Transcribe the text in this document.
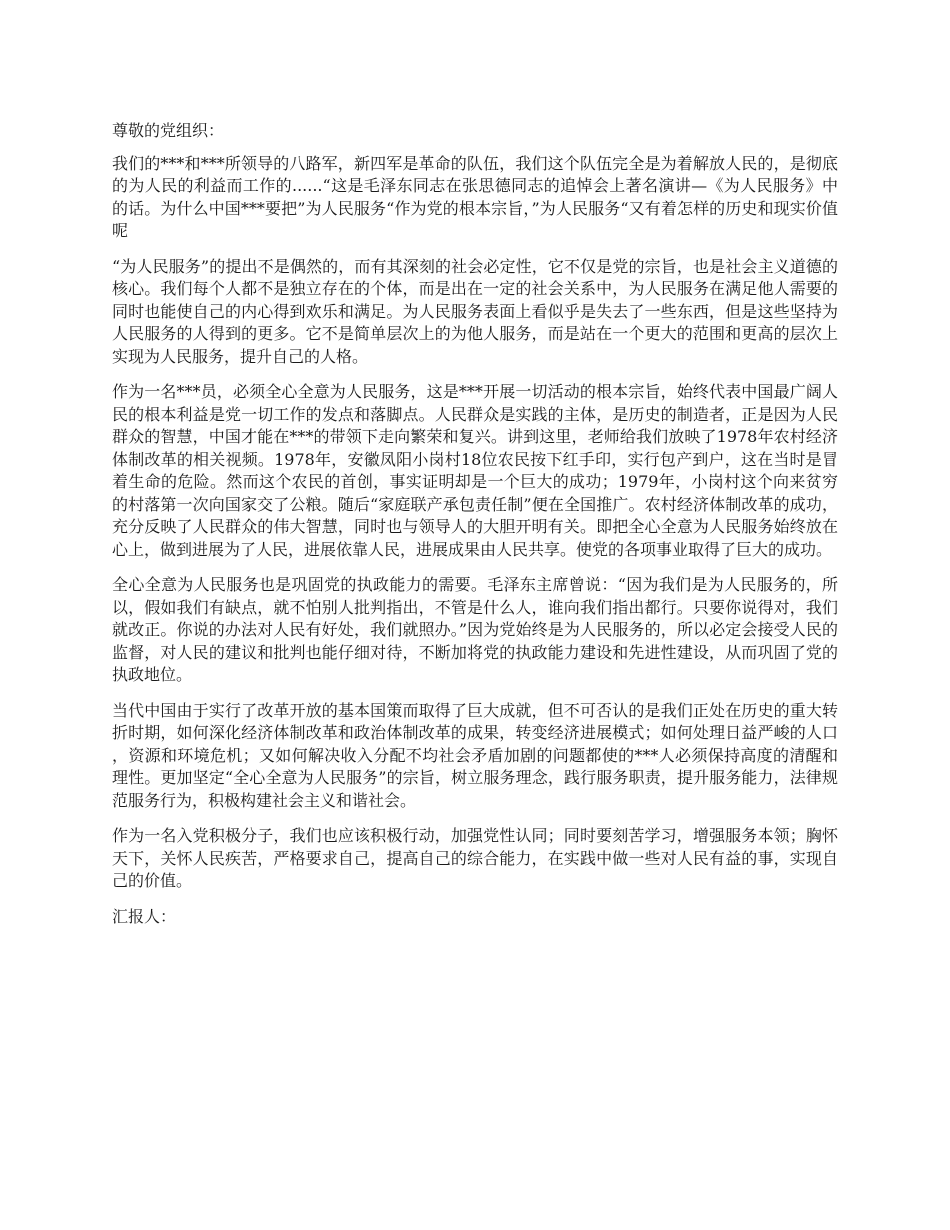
尊敬的党组织：

我们的***和***所领导的八路军，新四军是革命的队伍，我们这个队伍完全是为着解放人民的，是彻底的为人民的利益而工作的......“这是毛泽东同志在张思德同志的追悼会上著名演讲—《为人民服务》中的话。为什么中国***要把”为人民服务“作为党的根本宗旨，”为人民服务“又有着怎样的历史和现实价值呢

“为人民服务”的提出不是偶然的，而有其深刻的社会必定性，它不仅是党的宗旨，也是社会主义道德的核心。我们每个人都不是独立存在的个体，而是出在一定的社会关系中，为人民服务在满足他人需要的同时也能使自己的内心得到欢乐和满足。为人民服务表面上看似乎是失去了一些东西，但是这些坚持为人民服务的人得到的更多。它不是简单层次上的为他人服务，而是站在一个更大的范围和更高的层次上实现为人民服务，提升自己的人格。

作为一名***员，必须全心全意为人民服务，这是***开展一切活动的根本宗旨，始终代表中国最广阔人民的根本利益是党一切工作的发点和落脚点。人民群众是实践的主体，是历史的制造者，正是因为人民群众的智慧，中国才能在***的带领下走向繁荣和复兴。讲到这里，老师给我们放映了1978年农村经济体制改革的相关视频。1978年，安徽凤阳小岗村18位农民按下红手印，实行包产到户，这在当时是冒着生命的危险。然而这个农民的首创，事实证明却是一个巨大的成功；1979年，小岗村这个向来贫穷的村落第一次向国家交了公粮。随后“家庭联产承包责任制”便在全国推广。农村经济体制改革的成功，充分反映了人民群众的伟大智慧，同时也与领导人的大胆开明有关。即把全心全意为人民服务始终放在心上，做到进展为了人民，进展依靠人民，进展成果由人民共享。使党的各项事业取得了巨大的成功。

全心全意为人民服务也是巩固党的执政能力的需要。毛泽东主席曾说：“因为我们是为人民服务的，所以，假如我们有缺点，就不怕别人批判指出，不管是什么人，谁向我们指出都行。只要你说得对，我们就改正。你说的办法对人民有好处，我们就照办。”因为党始终是为人民服务的，所以必定会接受人民的监督，对人民的建议和批判也能仔细对待，不断加将党的执政能力建设和先进性建设，从而巩固了党的执政地位。

当代中国由于实行了改革开放的基本国策而取得了巨大成就，但不可否认的是我们正处在历史的重大转折时期，如何深化经济体制改革和政治体制改革的成果，转变经济进展模式；如何处理日益严峻的人口，资源和环境危机；又如何解决收入分配不均社会矛盾加剧的问题都使的***人必须保持高度的清醒和理性。更加坚定“全心全意为人民服务”的宗旨，树立服务理念，践行服务职责，提升服务能力，法律规范服务行为，积极构建社会主义和谐社会。

作为一名入党积极分子，我们也应该积极行动，加强党性认同；同时要刻苦学习，增强服务本领；胸怀天下，关怀人民疾苦，严格要求自己，提高自己的综合能力，在实践中做一些对人民有益的事，实现自己的价值。

汇报人：
